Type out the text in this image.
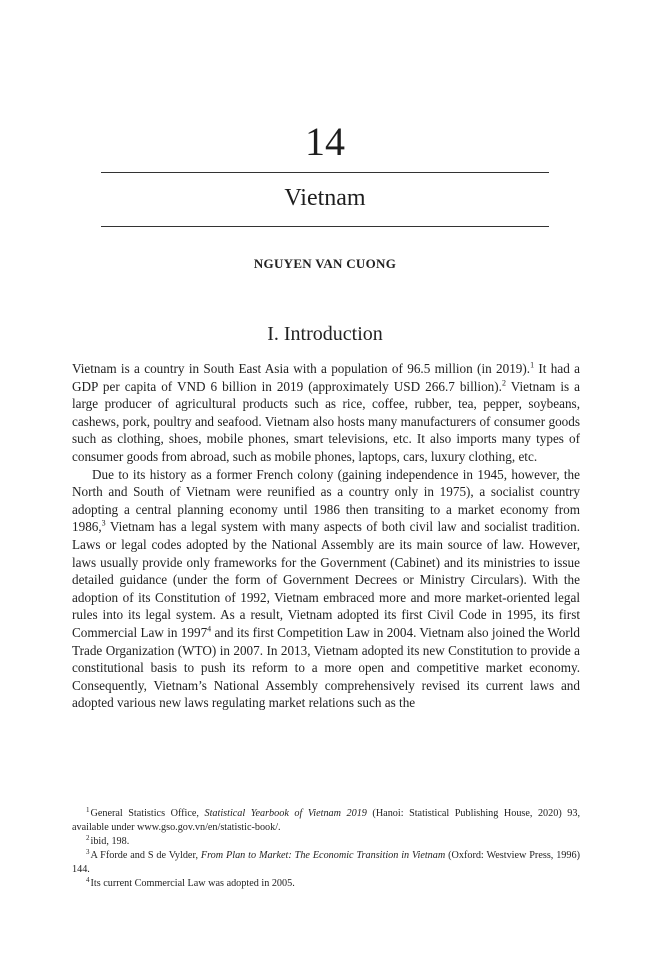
14
Vietnam
NGUYEN VAN CUONG
I. Introduction

Vietnam is a country in South East Asia with a population of 96.5 million (in 2019).$^1$ It had a GDP per capita of VND 6 billion in 2019 (approximately USD 266.7 billion).$^2$ Vietnam is a large producer of agricultural products such as rice, coffee, rubber, tea, pepper, soybeans, cashews, pork, poultry and seafood. Vietnam also hosts many manufacturers of consumer goods such as clothing, shoes, mobile phones, smart televisions, etc. It also imports many types of consumer goods from abroad, such as mobile phones, laptops, cars, luxury clothing, etc.

Due to its history as a former French colony (gaining independence in 1945, however, the North and South of Vietnam were reunified as a country only in 1975), a socialist country adopting a central planning economy until 1986 then transiting to a market economy from 1986,$^3$ Vietnam has a legal system with many aspects of both civil law and socialist tradition. Laws or legal codes adopted by the National Assembly are its main source of law. However, laws usually provide only frameworks for the Government (Cabinet) and its ministries to issue detailed guidance (under the form of Government Decrees or Ministry Circulars). With the adoption of its Constitution of 1992, Vietnam embraced more and more market-oriented legal rules into its legal system. As a result, Vietnam adopted its first Civil Code in 1995, its first Commercial Law in 1997$^4$ and its first Competition Law in 2004. Vietnam also joined the World Trade Organization (WTO) in 2007. In 2013, Vietnam adopted its new Constitution to provide a constitutional basis to push its reform to a more open and competitive market economy. Consequently, Vietnam’s National Assembly comprehensively revised its current laws and adopted various new laws regulating market relations such as the

$^1$General Statistics Office, Statistical Yearbook of Vietnam 2019 (Hanoi: Statistical Publishing House, 2020) 93, available under www.gso.gov.vn/en/statistic-book/.

$^2$ibid, 198.

$^3$A Fforde and S de Vylder, From Plan to Market: The Economic Transition in Vietnam (Oxford: Westview Press, 1996) 144.

$^4$Its current Commercial Law was adopted in 2005.
